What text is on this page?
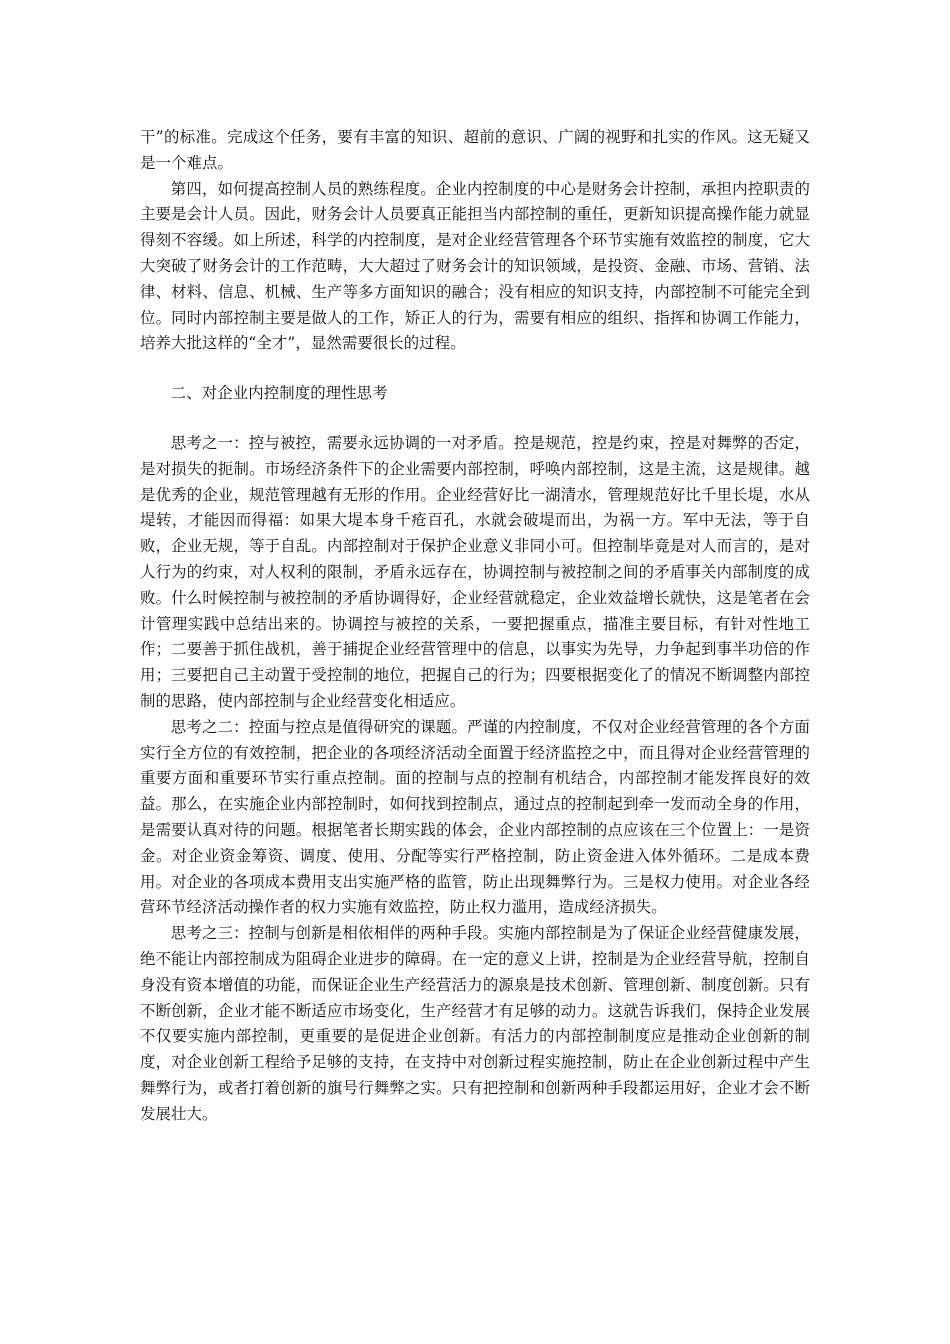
干”的标准。完成这个任务，要有丰富的知识、超前的意识、广阔的视野和扎实的作风。这无疑又是一个难点。

第四，如何提高控制人员的熟练程度。企业内控制度的中心是财务会计控制，承担内控职责的主要是会计人员。因此，财务会计人员要真正能担当内部控制的重任，更新知识提高操作能力就显得刻不容缓。如上所述，科学的内控制度，是对企业经营管理各个环节实施有效监控的制度，它大大突破了财务会计的工作范畴，大大超过了财务会计的知识领域，是投资、金融、市场、营销、法律、材料、信息、机械、生产等多方面知识的融合；没有相应的知识支持，内部控制不可能完全到位。同时内部控制主要是做人的工作，矫正人的行为，需要有相应的组织、指挥和协调工作能力，培养大批这样的“全才”，显然需要很长的过程。

二、对企业内控制度的理性思考

思考之一：控与被控，需要永远协调的一对矛盾。控是规范，控是约束，控是对舞弊的否定，是对损失的扼制。市场经济条件下的企业需要内部控制，呼唤内部控制，这是主流，这是规律。越是优秀的企业，规范管理越有无形的作用。企业经营好比一湖清水，管理规范好比千里长堤，水从堤转，才能因而得福：如果大堤本身千疮百孔，水就会破堤而出，为祸一方。军中无法，等于自败，企业无规，等于自乱。内部控制对于保护企业意义非同小可。但控制毕竟是对人而言的，是对人行为的约束，对人权利的限制，矛盾永远存在，协调控制与被控制之间的矛盾事关内部制度的成败。什么时候控制与被控制的矛盾协调得好，企业经营就稳定，企业效益增长就快，这是笔者在会计管理实践中总结出来的。协调控与被控的关系，一要把握重点，描准主要目标，有针对性地工作；二要善于抓住战机，善于捕捉企业经营管理中的信息，以事实为先导，力争起到事半功倍的作用；三要把自己主动置于受控制的地位，把握自己的行为；四要根据变化了的情况不断调整内部控制的思路，使内部控制与企业经营变化相适应。

思考之二：控面与控点是值得研究的课题。严谨的内控制度，不仅对企业经营管理的各个方面实行全方位的有效控制，把企业的各项经济活动全面置于经济监控之中，而且得对企业经营管理的重要方面和重要环节实行重点控制。面的控制与点的控制有机结合，内部控制才能发挥良好的效益。那么，在实施企业内部控制时，如何找到控制点，通过点的控制起到牵一发而动全身的作用，是需要认真对待的问题。根据笔者长期实践的体会，企业内部控制的点应该在三个位置上：一是资金。对企业资金筹资、调度、使用、分配等实行严格控制，防止资金进入体外循环。二是成本费用。对企业的各项成本费用支出实施严格的监管，防止出现舞弊行为。三是权力使用。对企业各经营环节经济活动操作者的权力实施有效监控，防止权力滥用，造成经济损失。

思考之三：控制与创新是相依相伴的两种手段。实施内部控制是为了保证企业经营健康发展，绝不能让内部控制成为阻碍企业进步的障碍。在一定的意义上讲，控制是为企业经营导航，控制自身没有资本增值的功能，而保证企业生产经营活力的源泉是技术创新、管理创新、制度创新。只有不断创新，企业才能不断适应市场变化，生产经营才有足够的动力。这就告诉我们，保持企业发展不仅要实施内部控制，更重要的是促进企业创新。有活力的内部控制制度应是推动企业创新的制度，对企业创新工程给予足够的支持，在支持中对创新过程实施控制，防止在企业创新过程中产生舞弊行为，或者打着创新的旗号行舞弊之实。只有把控制和创新两种手段都运用好，企业才会不断发展壮大。
